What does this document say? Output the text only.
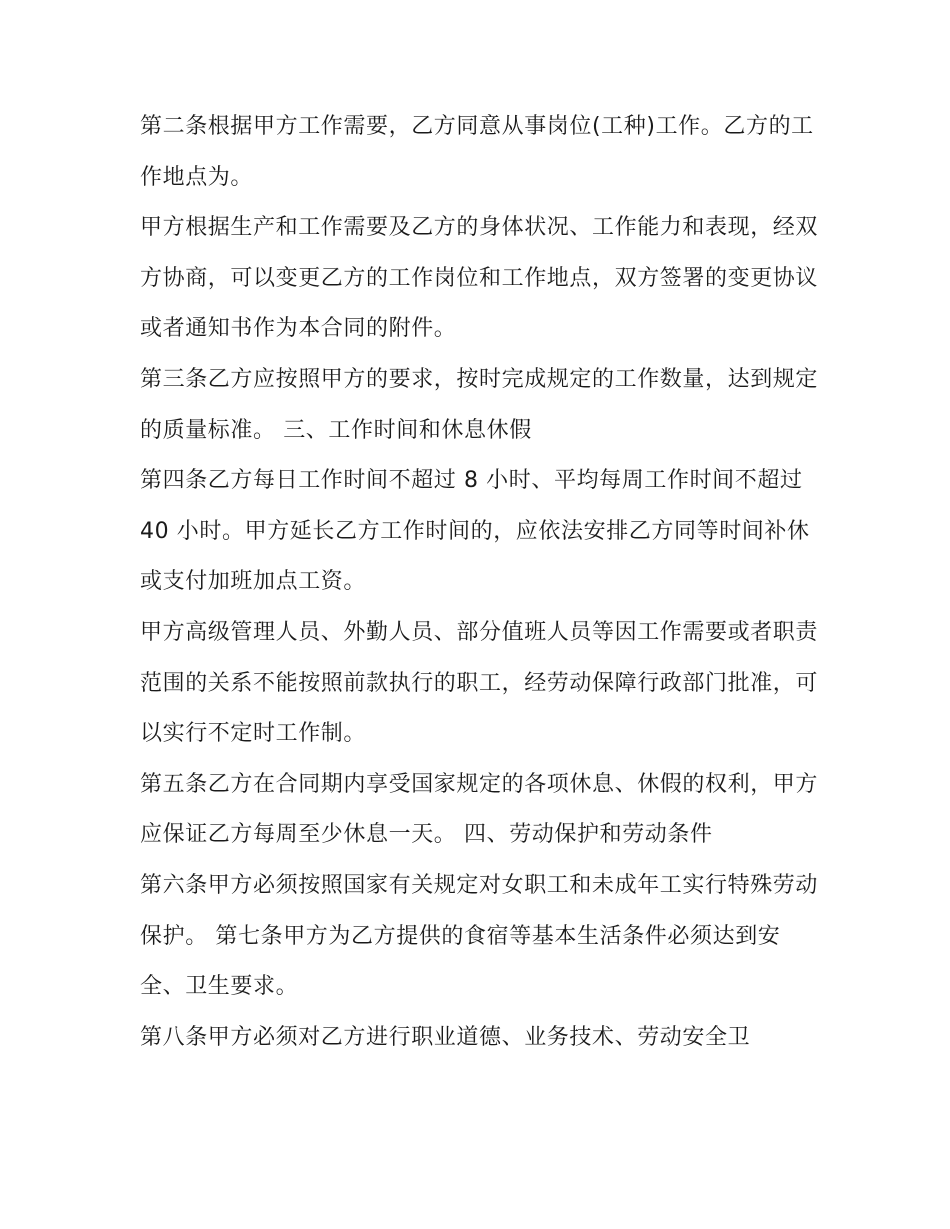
第二条根据甲方工作需要，乙方同意从事岗位(工种)工作。乙方的工作地点为。

甲方根据生产和工作需要及乙方的身体状况、工作能力和表现，经双方协商，可以变更乙方的工作岗位和工作地点，双方签署的变更协议或者通知书作为本合同的附件。

第三条乙方应按照甲方的要求，按时完成规定的工作数量，达到规定的质量标准。 三、工作时间和休息休假

第四条乙方每日工作时间不超过 8 小时、平均每周工作时间不超过 40 小时。甲方延长乙方工作时间的，应依法安排乙方同等时间补休或支付加班加点工资。

甲方高级管理人员、外勤人员、部分值班人员等因工作需要或者职责范围的关系不能按照前款执行的职工，经劳动保障行政部门批准，可以实行不定时工作制。

第五条乙方在合同期内享受国家规定的各项休息、休假的权利，甲方应保证乙方每周至少休息一天。 四、劳动保护和劳动条件

第六条甲方必须按照国家有关规定对女职工和未成年工实行特殊劳动保护。 第七条甲方为乙方提供的食宿等基本生活条件必须达到安全、卫生要求。

第八条甲方必须对乙方进行职业道德、业务技术、劳动安全卫
